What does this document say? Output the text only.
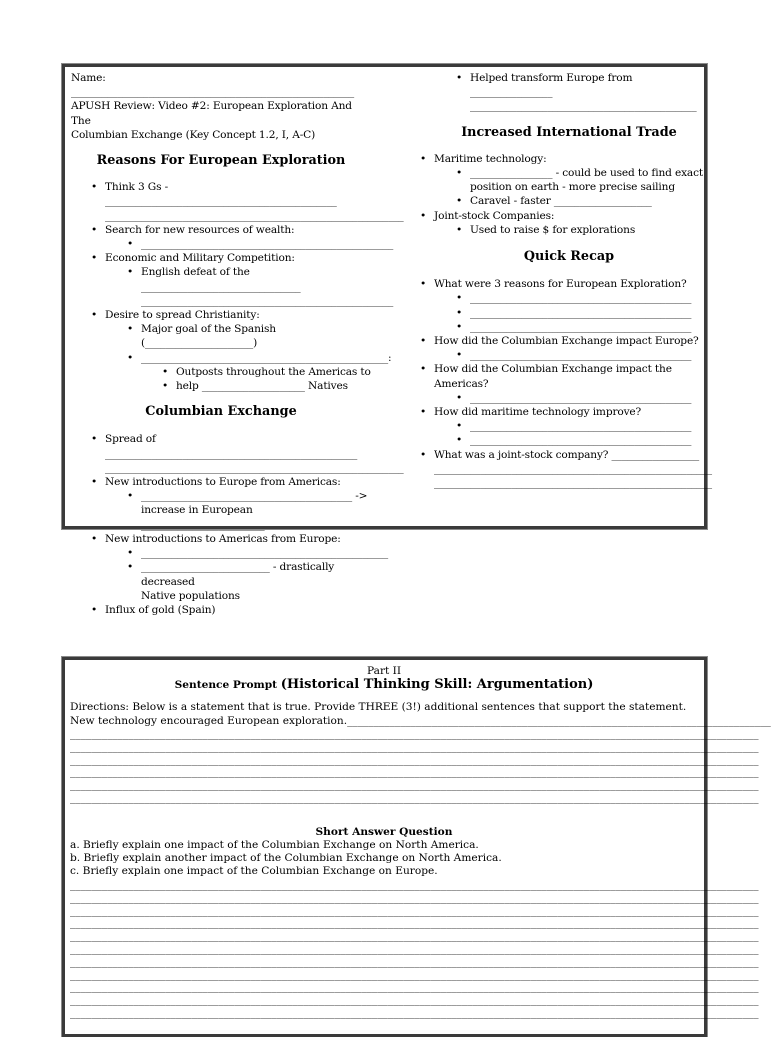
Name: _______________________________________________________
APUSH Review: Video #2: European Exploration And The
Columbian Exchange (Key Concept 1.2, I, A-C)
Reasons For European Exploration
• Think 3 Gs - _____________________________________________
__________________________________________________________
• Search for new resources of wealth:
• _________________________________________________
• Economic and Military Competition:
• English defeat of the _______________________________
_________________________________________________
• Desire to spread Christianity:
• Major goal of the Spanish (_____________________)
• ________________________________________________:
• Outposts throughout the Americas to
• help ____________________ Natives
Columbian Exchange
• Spread of _________________________________________________
__________________________________________________________
• New introductions to Europe from Americas:
• _________________________________________ ->
increase in European ________________________
• New introductions to Americas from Europe:
• ________________________________________________
• _________________________ - drastically decreased
Native populations
• Influx of gold (Spain)
• Helped transform Europe from ________________
____________________________________________
Increased International Trade
• Maritime technology:
• ________________ - could be used to find exact
position on earth - more precise sailing
• Caravel - faster ___________________
• Joint-stock Companies:
• Used to raise $ for explorations
Quick Recap
• What were 3 reasons for European Exploration?
• ___________________________________________
• ___________________________________________
• ___________________________________________
• How did the Columbian Exchange impact Europe?
• ___________________________________________
• How did the Columbian Exchange impact the
Americas?
• ___________________________________________
• How did maritime technology improve?
• ___________________________________________
• ___________________________________________
• What was a joint-stock company? _________________
______________________________________________________
______________________________________________________
Part II
Sentence Prompt (Historical Thinking Skill: Argumentation)
Directions: Below is a statement that is true. Provide THREE (3!) additional sentences that support the statement.
New technology encouraged European exploration.________________________________________________________________________________
__________________________________________________________________________________________________________________________________
__________________________________________________________________________________________________________________________________
__________________________________________________________________________________________________________________________________
__________________________________________________________________________________________________________________________________
__________________________________________________________________________________________________________________________________
__________________________________________________________________________________________________________________________________
Short Answer Question
a. Briefly explain one impact of the Columbian Exchange on North America.
b. Briefly explain another impact of the Columbian Exchange on North America.
c. Briefly explain one impact of the Columbian Exchange on Europe.
__________________________________________________________________________________________________________________________________
__________________________________________________________________________________________________________________________________
__________________________________________________________________________________________________________________________________
__________________________________________________________________________________________________________________________________
__________________________________________________________________________________________________________________________________
__________________________________________________________________________________________________________________________________
__________________________________________________________________________________________________________________________________
__________________________________________________________________________________________________________________________________
__________________________________________________________________________________________________________________________________
__________________________________________________________________________________________________________________________________
__________________________________________________________________________________________________________________________________
